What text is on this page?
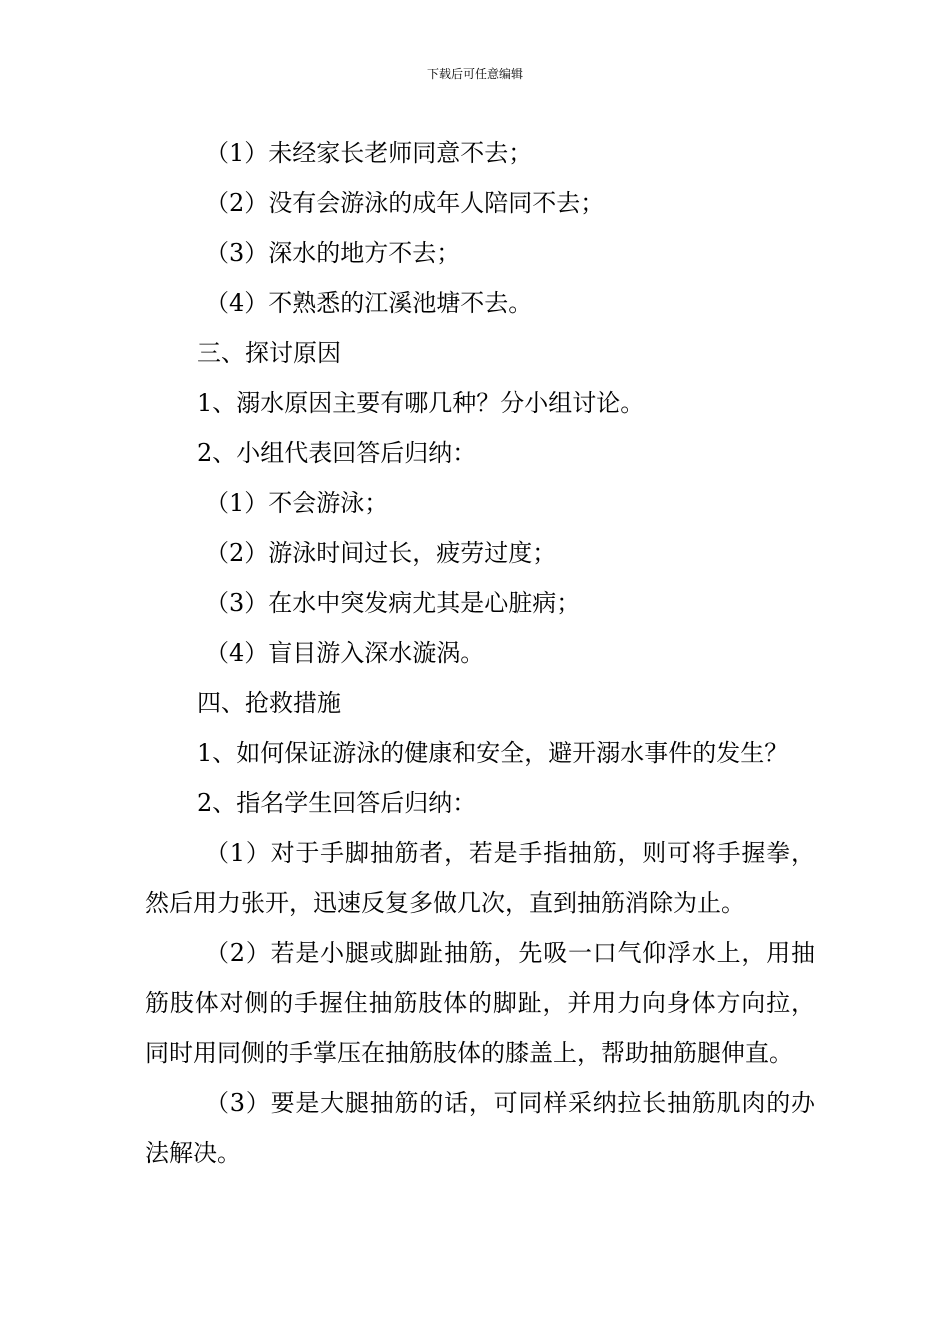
下载后可任意编辑
（1）未经家长老师同意不去；
（2）没有会游泳的成年人陪同不去；
（3）深水的地方不去；
（4）不熟悉的江溪池塘不去。
三、探讨原因
1、溺水原因主要有哪几种？分小组讨论。
2、小组代表回答后归纳：
（1）不会游泳；
（2）游泳时间过长，疲劳过度；
（3）在水中突发病尤其是心脏病；
（4）盲目游入深水漩涡。
四、抢救措施
1、如何保证游泳的健康和安全，避开溺水事件的发生？
2、指名学生回答后归纳：
（1）对于手脚抽筋者，若是手指抽筋，则可将手握拳，然后用力张开，迅速反复多做几次，直到抽筋消除为止。
（2）若是小腿或脚趾抽筋，先吸一口气仰浮水上，用抽筋肢体对侧的手握住抽筋肢体的脚趾，并用力向身体方向拉，同时用同侧的手掌压在抽筋肢体的膝盖上，帮助抽筋腿伸直。
（3）要是大腿抽筋的话，可同样采纳拉长抽筋肌肉的办法解决。
